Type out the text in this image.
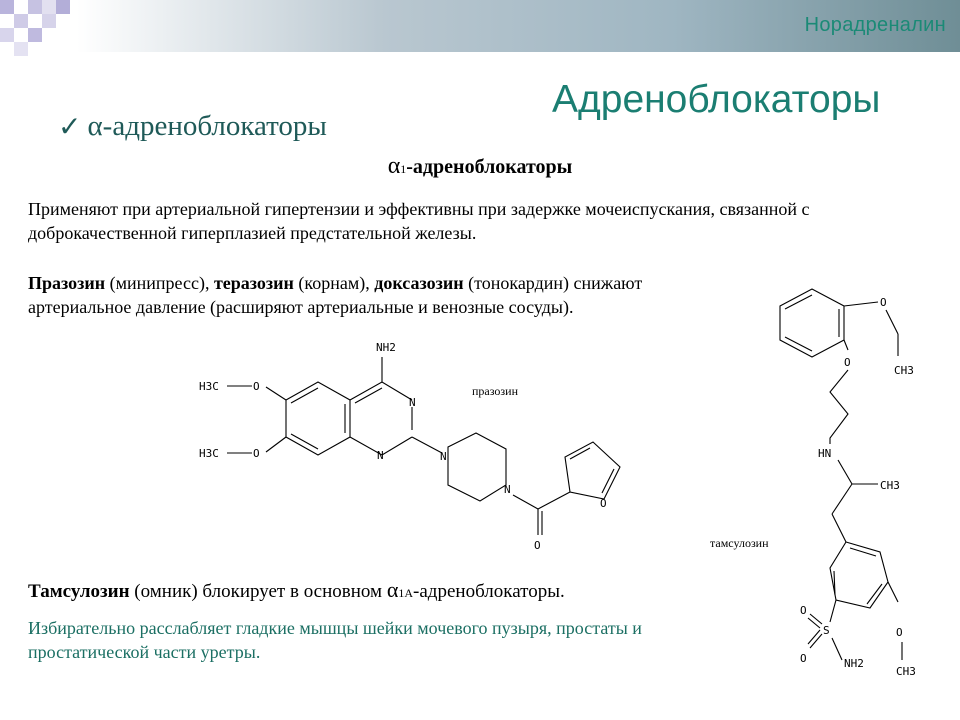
Норадреналин
Адреноблокаторы
✓ α-адреноблокаторы
α1-адреноблокаторы
Применяют при артериальной гипертензии и эффективны при задержке мочеиспускания, связанной с доброкачественной гиперплазией предстательной железы.
Празозин (минипресс), теразозин (корнам), доксазозин (тонокардин) снижают артериальное давление (расширяют артериальные и венозные сосуды).
празозин
тамсулозин
Тамсулозин (омник) блокирует в основном α1A-адреноблокаторы.
Избирательно расслабляет гладкие мышцы шейки мочевого пузыря, простаты и простатической части уретры.
NH2
N
N
O
O
H3C
H3C	N
N
O
O
O
CH3
O
HN
CH3
S
O
O	NH2
O
CH3
